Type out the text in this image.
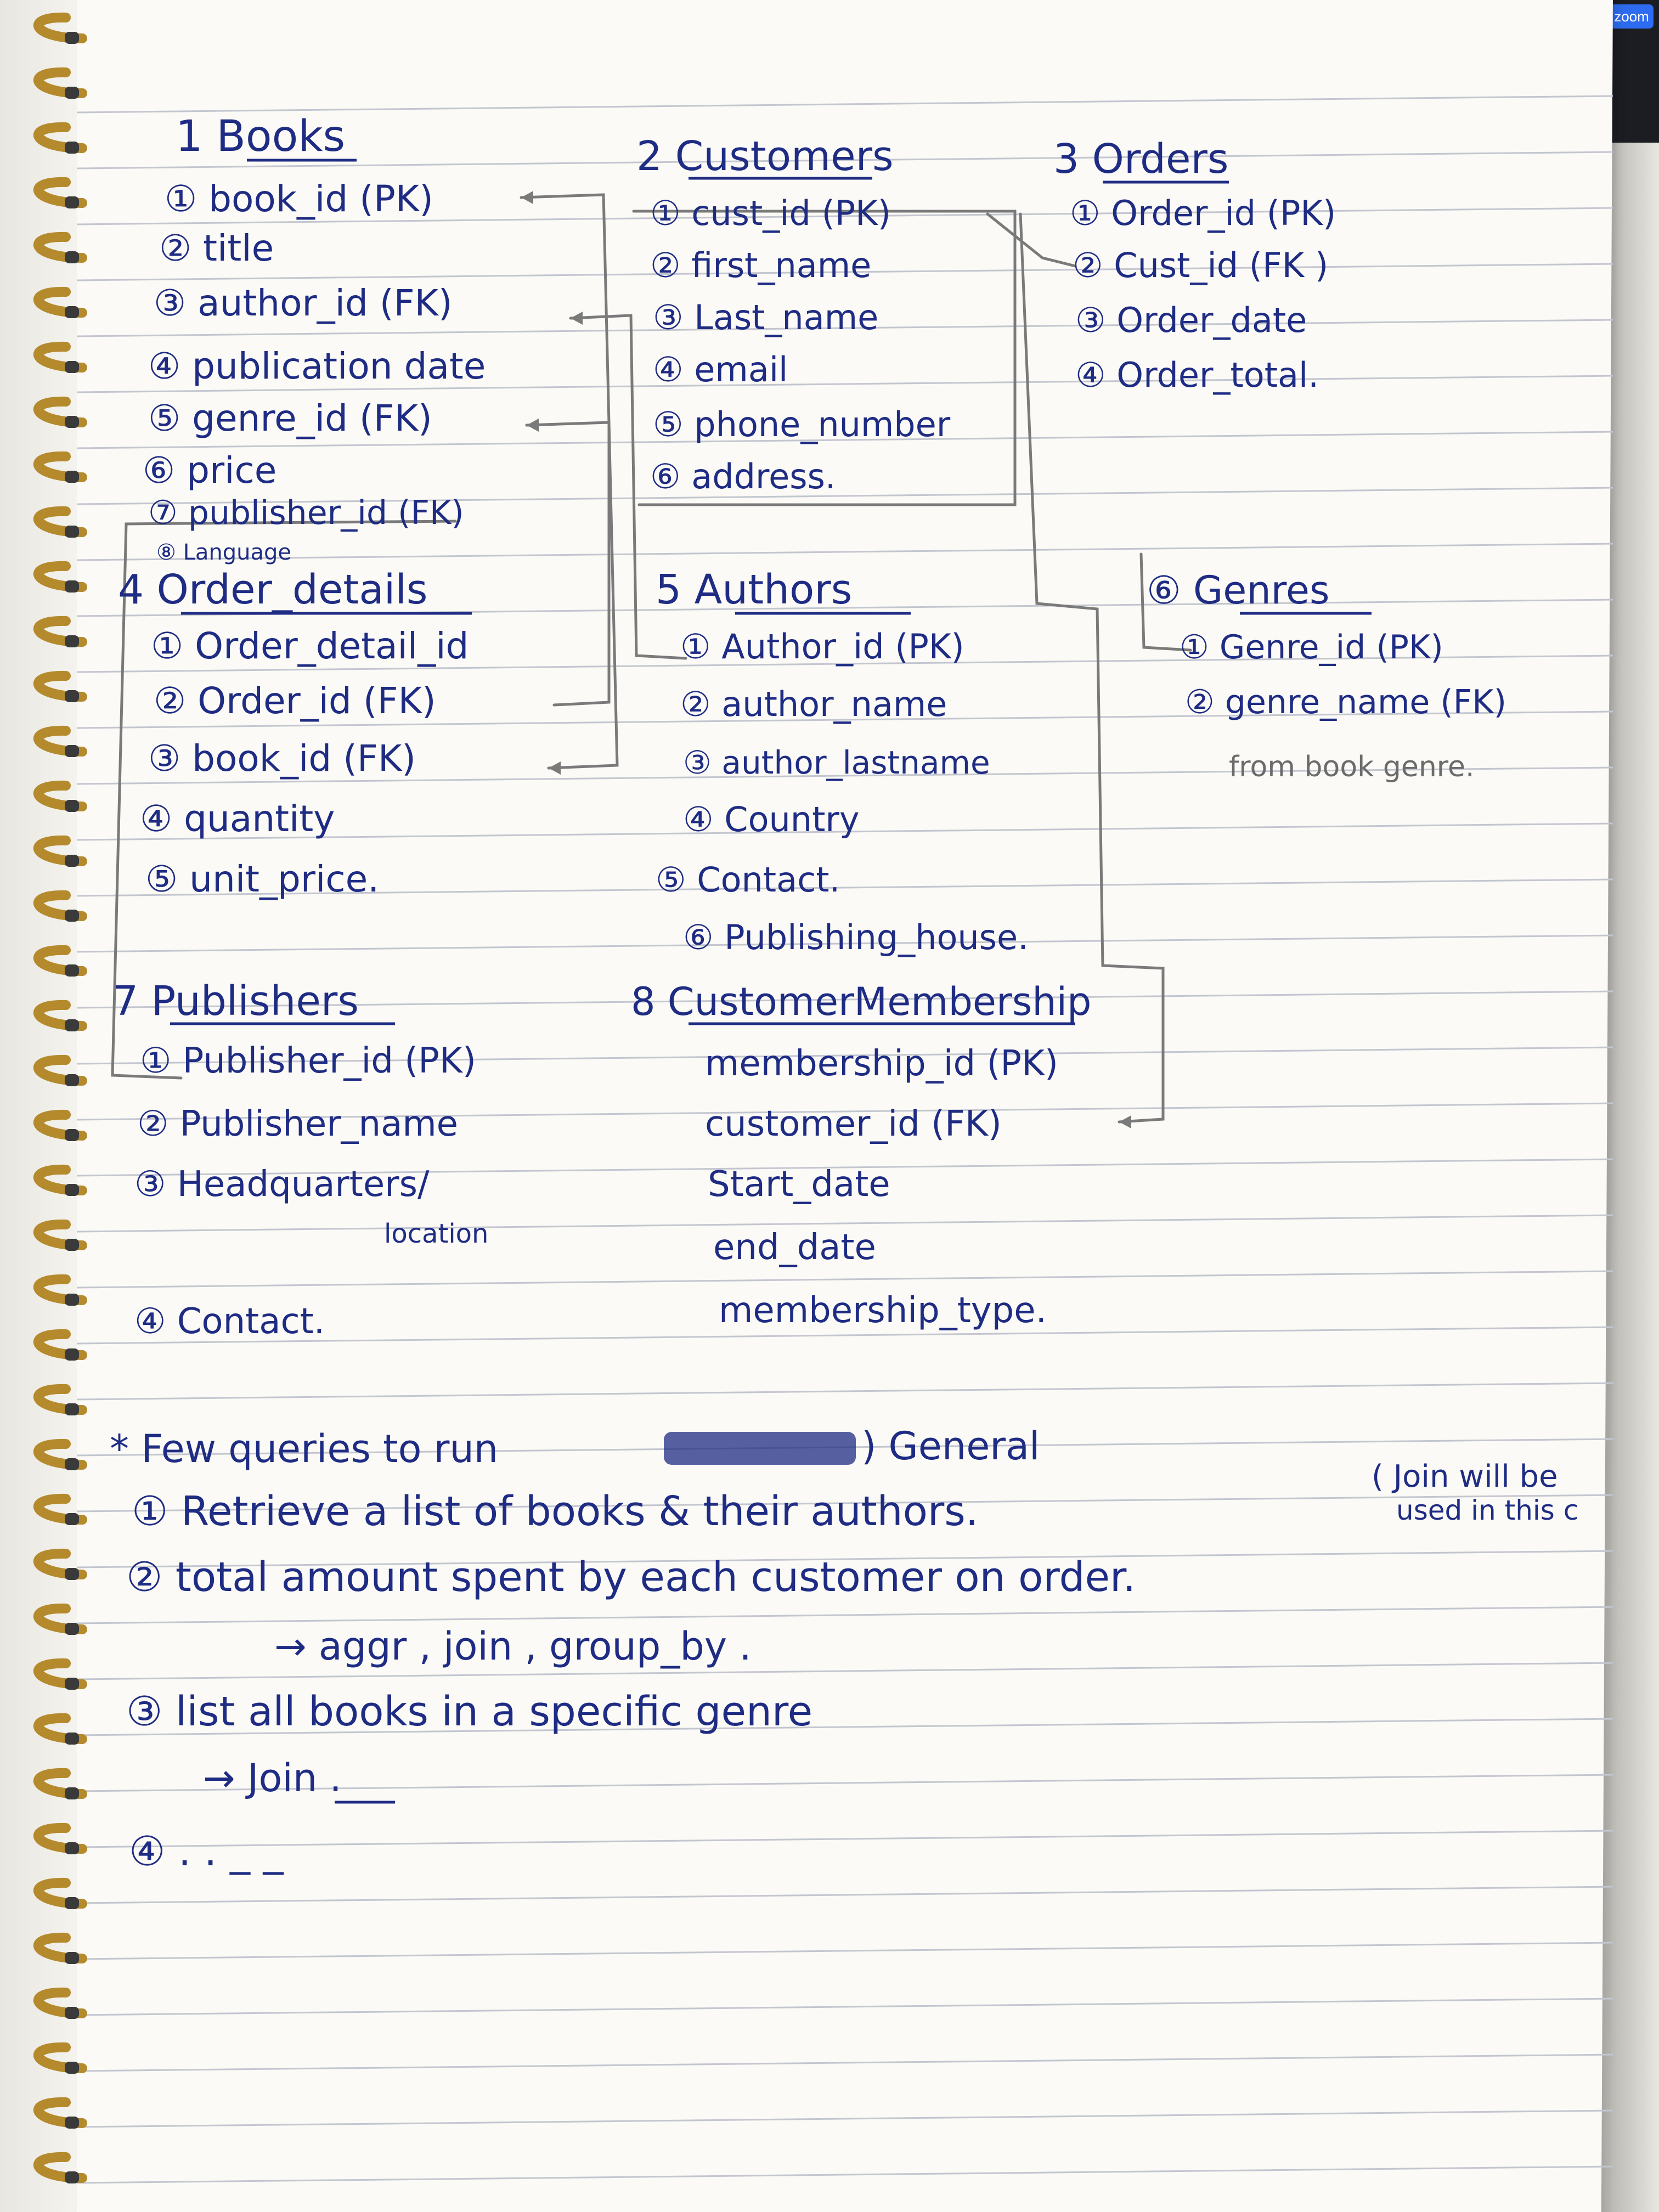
zoom
1 Books
① book_id (PK)
② title
③ author_id (FK)
④ publication date
⑤ genre_id (FK)
⑥ price
⑦ publisher_id (FK)
⑧ Language
2 Customers
① cust_id (PK)
② first_name
③ Last_name
④ email
⑤ phone_number
⑥ address.
3 Orders
① Order_id (PK)
② Cust_id (FK )
③ Order_date
④ Order_total.
4 Order_details
① Order_detail_id
② Order_id (FK)
③ book_id (FK)
④ quantity
⑤ unit_price.
5 Authors
① Author_id (PK)
② author_name
③ author_lastname
④ Country
⑤ Contact.
⑥ Publishing_house.
⑥ Genres
① Genre_id (PK)
② genre_name (FK)
from book genre.
7 Publishers
① Publisher_id (PK)
② Publisher_name
③ Headquarters/
location
④ Contact.
8 CustomerMembership
membership_id (PK)
customer_id (FK)
Start_date
end_date
membership_type.
* Few queries to run	) General
( Join will be
used in this c
① Retrieve a list of books & their authors.
② total amount spent by each customer on order.
→ aggr , join , group_by .
③ list all books in a specific genre
→ Join .
④ . . _ _
